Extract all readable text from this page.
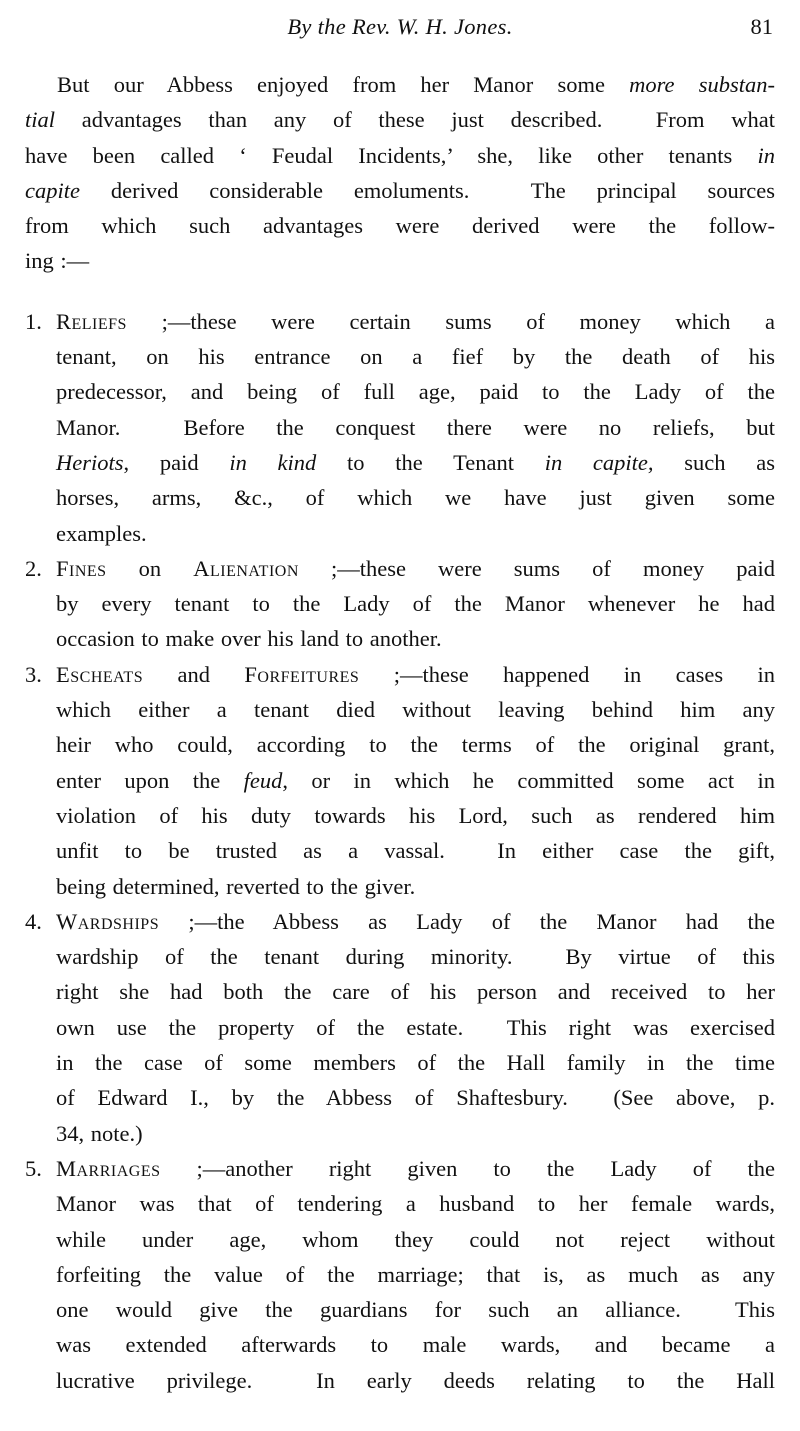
By the Rev. W. H. Jones.	81
But our Abbess enjoyed from her Manor some more substan-
tial advantages than any of these just described.  From what
have been called ‘ Feudal Incidents,’ she, like other tenants in
capite derived considerable emoluments.  The principal sources
from which such advantages were derived were the follow-
ing :—
1. Reliefs ;—these were certain sums of money which a
tenant, on his entrance on a fief by the death of his
predecessor, and being of full age, paid to the Lady of the
Manor.  Before the conquest there were no reliefs, but
Heriots, paid in kind to the Tenant in capite, such as
horses, arms, &c., of which we have just given some
examples.
2. Fines on Alienation ;—these were sums of money paid
by every tenant to the Lady of the Manor whenever he had
occasion to make over his land to another.
3. Escheats and Forfeitures ;—these happened in cases in
which either a tenant died without leaving behind him any
heir who could, according to the terms of the original grant,
enter upon the feud, or in which he committed some act in
violation of his duty towards his Lord, such as rendered him
unfit to be trusted as a vassal.  In either case the gift,
being determined, reverted to the giver.
4. Wardships ;—the Abbess as Lady of the Manor had the
wardship of the tenant during minority.  By virtue of this
right she had both the care of his person and received to her
own use the property of the estate.  This right was exercised
in the case of some members of the Hall family in the time
of Edward I., by the Abbess of Shaftesbury.  (See above, p.
34, note.)
5. Marriages ;—another right given to the Lady of the
Manor was that of tendering a husband to her female wards,
while under age, whom they could not reject without
forfeiting the value of the marriage; that is, as much as any
one would give the guardians for such an alliance.  This
was extended afterwards to male wards, and became a
lucrative privilege.  In early deeds relating to the Hall
